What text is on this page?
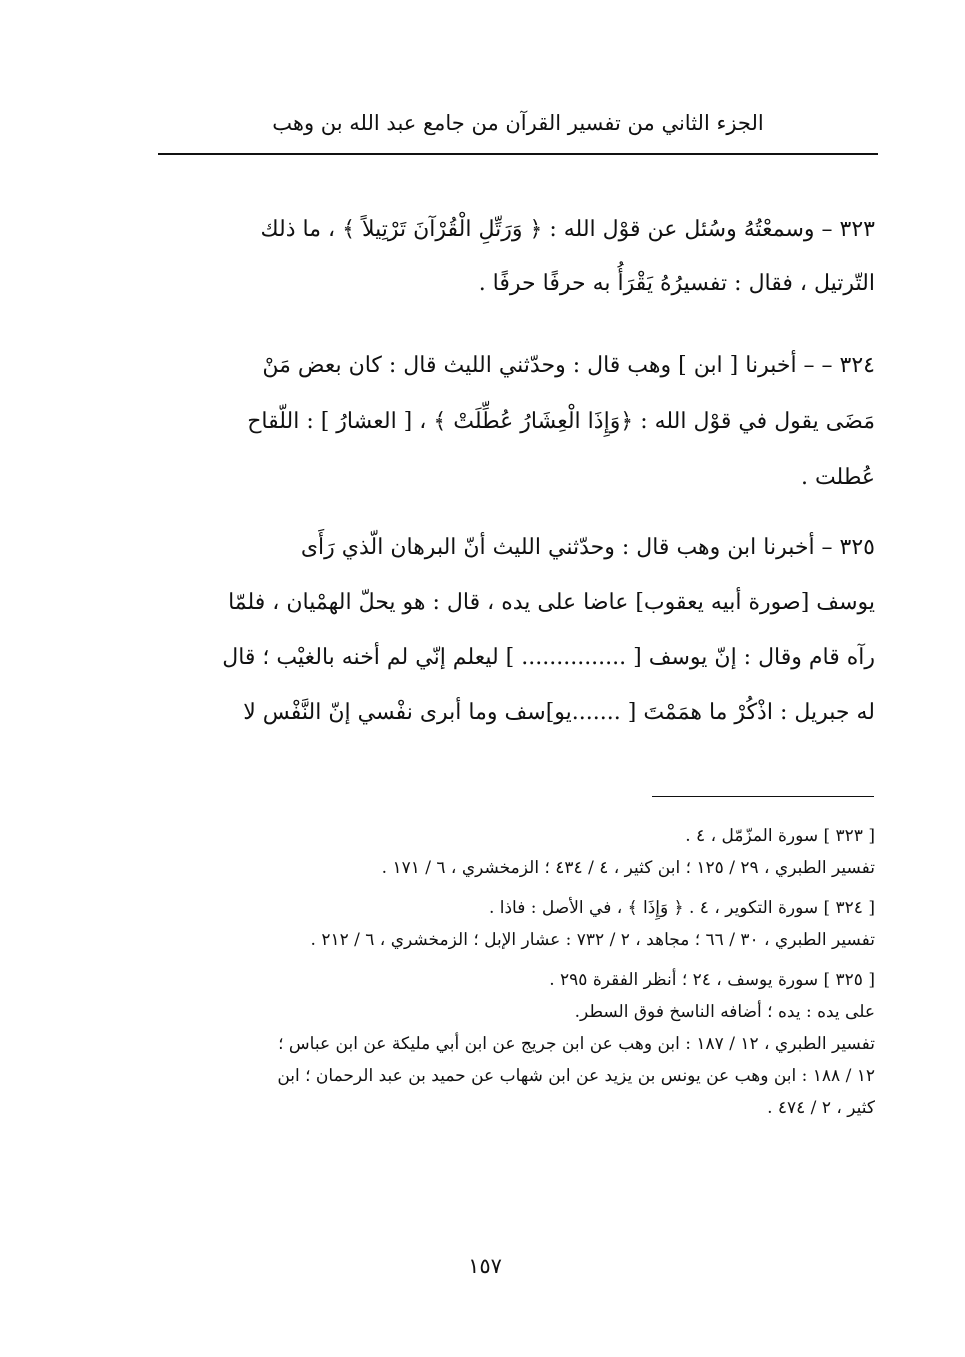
الجزء الثاني من تفسير القرآن من جامع عبد الله بن وهب
٣٢٣ – وسمعْتُهُ وسُئل عن قوْل الله : ﴿ وَرَتِّلِ الْقُرْآنَ تَرْتِيلاً ﴾ ، ما ذلك
التّرتيل ، فقال : تفسيرُهُ يَقْرَأُ به حرفًا حرفًا .
٣٢٤ – – أخبرنا [ ابن ] وهب قال : وحدّثني الليث قال : كان بعض مَنْ
مَضَى يقول في قوْل الله : ﴿وَإِذَا الْعِشَارُ عُطِّلَتْ ﴾ ، [ العشارُ ] : اللّقاح
عُطلت .
٣٢٥ – أخبرنا ابن وهب قال : وحدّثني الليث أنّ البرهان الّذي رَأَى
يوسف [صورة أبيه يعقوب] عاضا على يده ، قال : هو يحلّ الهمْيان ، فلمّا
رآه قام وقال : إنّ يوسف [ ............... ] ليعلم إنّي لم أخنه بالغيْب ؛ قال
له جبريل : اذْكُرْ ما همَمْتَ [ .......يو]سف وما أبرى نفْسي إنّ النَّفْس لا
[ ٣٢٣ ] سورة المزّمّل ، ٤ .
تفسير الطبري ، ٢٩ / ١٢٥ ؛ ابن كثير ، ٤ / ٤٣٤ ؛ الزمخشري ، ٦ / ١٧١ .
[ ٣٢٤ ] سورة التكوير ، ٤ . ﴿ وَإِذَا ﴾ ، في الأصل : فاذا .
تفسير الطبري ، ٣٠ / ٦٦ ؛ مجاهد ، ٢ / ٧٣٢ : عشار الإبل ؛ الزمخشري ، ٦ / ٢١٢ .
[ ٣٢٥ ] سورة يوسف ، ٢٤ ؛ أنظر الفقرة ٢٩٥ .
على يده : يده ؛ أضافه الناسخ فوق السطر.
تفسير الطبري ، ١٢ / ١٨٧ : ابن وهب عن ابن جريج عن ابن أبي مليكة عن ابن عباس ؛
١٢ / ١٨٨ : ابن وهب عن يونس بن يزيد عن ابن شهاب عن حميد بن عبد الرحمان ؛ ابن
كثير ، ٢ / ٤٧٤ .
١٥٧
